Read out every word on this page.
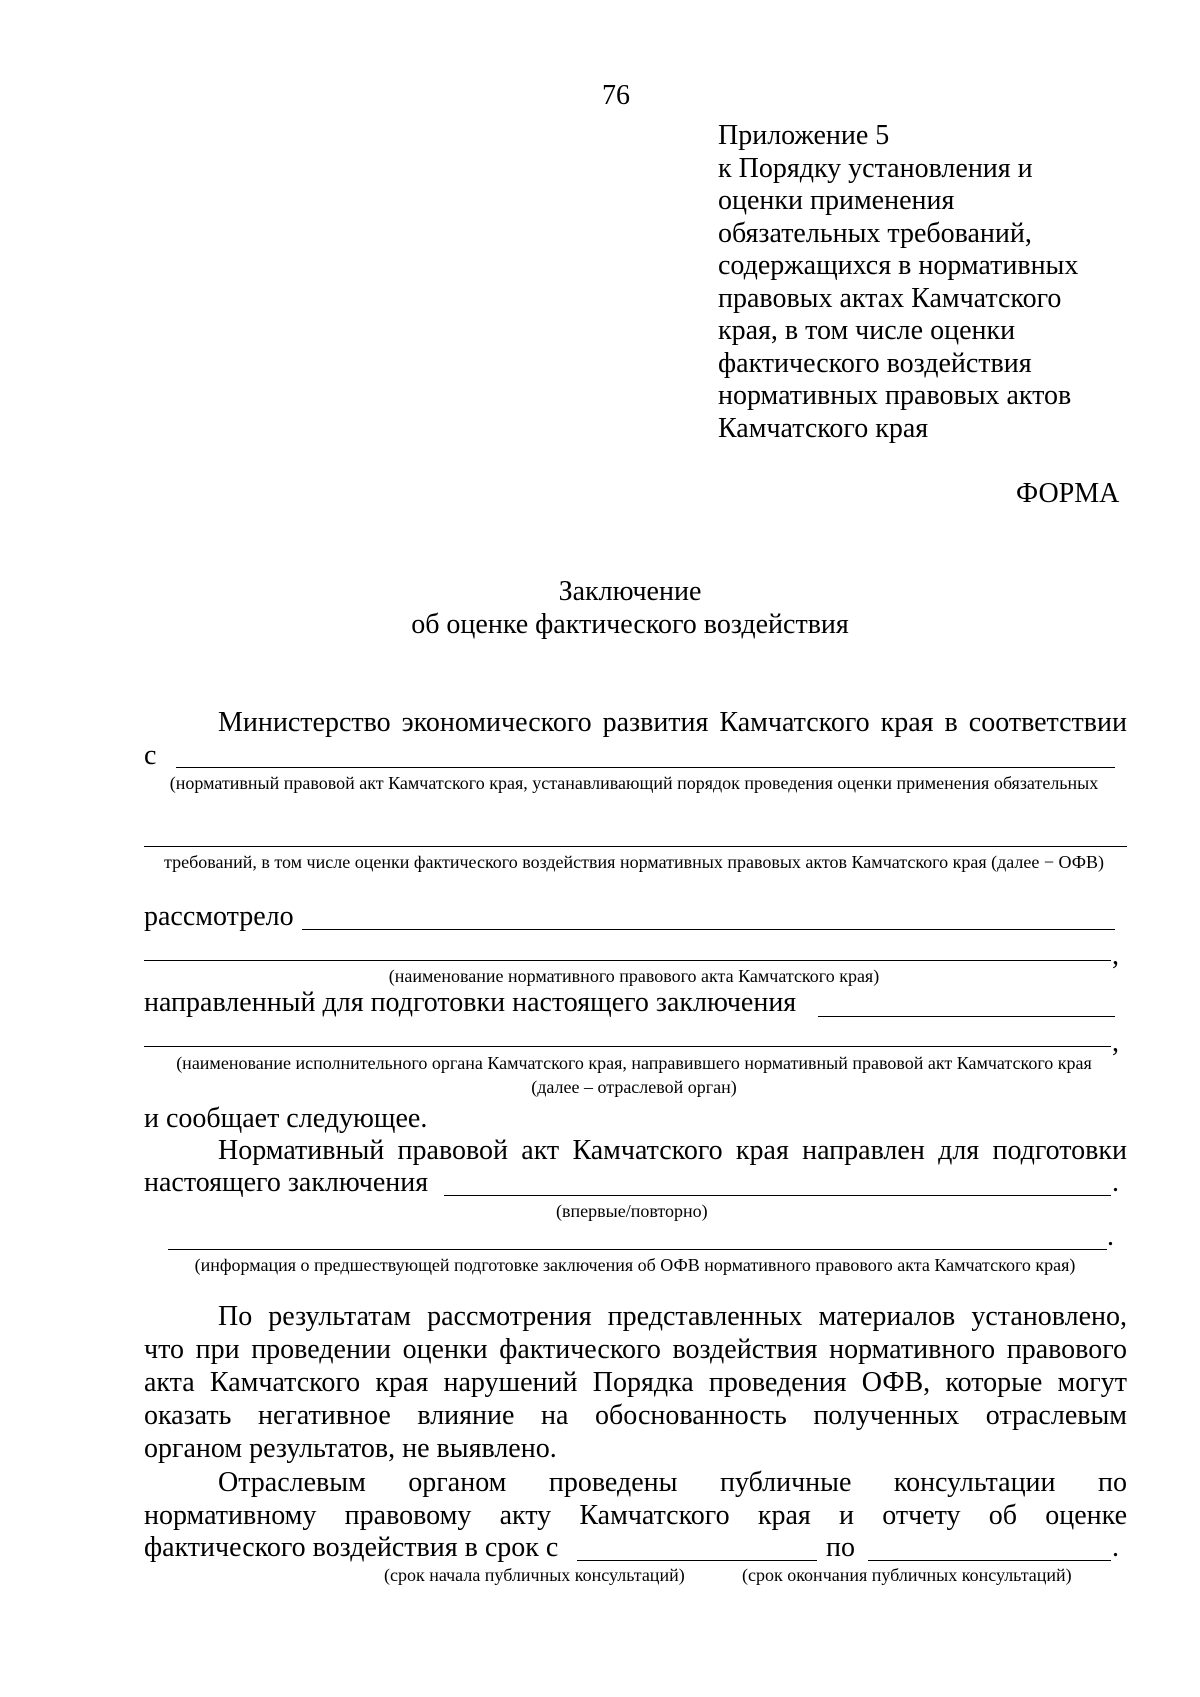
76
Приложение 5
к Порядку установления и
оценки применения
обязательных требований,
содержащихся в нормативных
правовых актах Камчатского
края, в том числе оценки
фактического воздействия
нормативных правовых актов
Камчатского края
ФОРМА
Заключение
об оценке фактического воздействия
Министерство экономического развития Камчатского края в соответствии
с
(нормативный правовой акт Камчатского края, устанавливающий порядок проведения оценки применения обязательных
требований, в том числе оценки фактического воздействия нормативных правовых актов Камчатского края (далее − ОФВ)
рассмотрело
,
(наименование нормативного правового акта Камчатского края)
направленный для подготовки настоящего заключения
,
(наименование исполнительного органа Камчатского края, направившего нормативный правовой акт Камчатского края (далее – отраслевой орган)
и сообщает следующее.
Нормативный правовой акт Камчатского края направлен для подготовки
настоящего заключения	.
(впервые/повторно)
.
(информация о предшествующей подготовке заключения об ОФВ нормативного правового акта Камчатского края)
По результатам рассмотрения представленных материалов установлено,
что при проведении оценки фактического воздействия нормативного правового
акта Камчатского края нарушений Порядка проведения ОФВ, которые могут
оказать негативное влияние на обоснованность полученных отраслевым
органом результатов, не выявлено.
Отраслевым органом проведены публичные консультации по
нормативному правовому акту Камчатского края и отчету об оценке
фактического воздействия в срок с	по	.
(срок начала публичных консультаций)	(срок окончания публичных консультаций)
